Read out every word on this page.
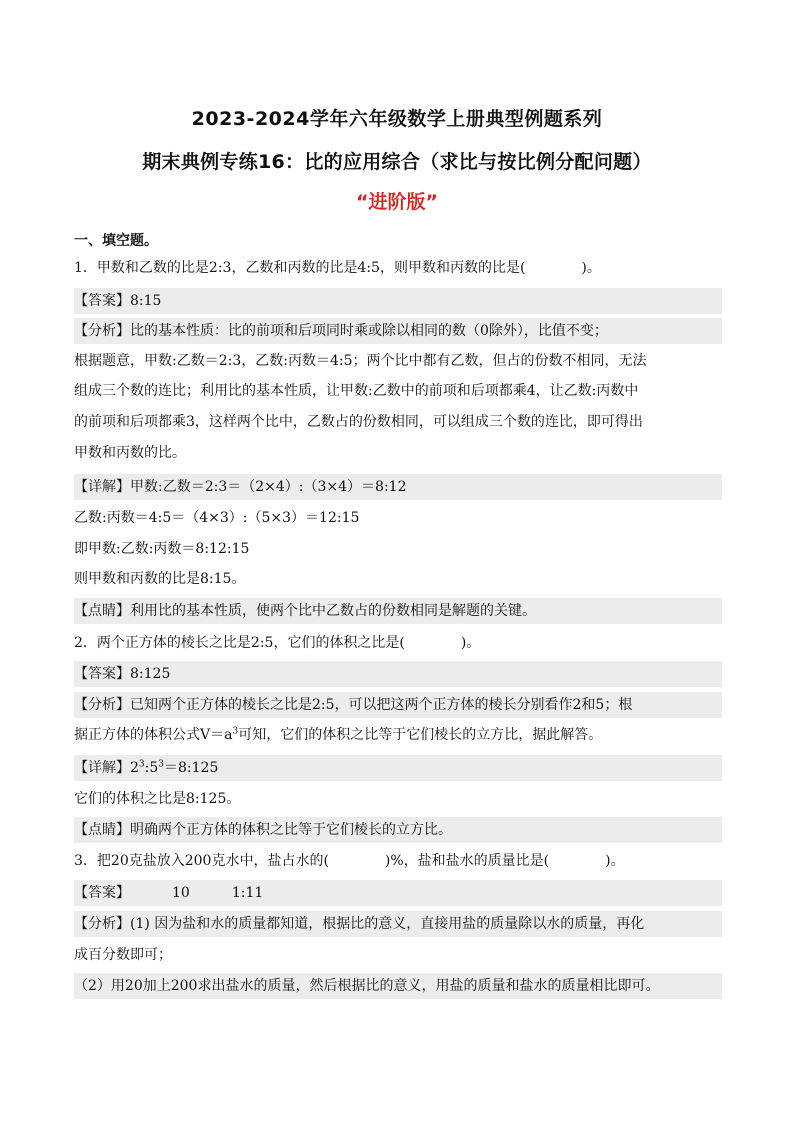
2023-2024学年六年级数学上册典型例题系列
期末典例专练16：比的应用综合（求比与按比例分配问题）
“进阶版”
一、填空题。
1．甲数和乙数的比是2:3，乙数和丙数的比是4:5，则甲数和丙数的比是(　　　　)。
【答案】8:15
【分析】比的基本性质：比的前项和后项同时乘或除以相同的数（0除外），比值不变；
根据题意，甲数:乙数＝2:3，乙数:丙数＝4:5；两个比中都有乙数，但占的份数不相同，无法
组成三个数的连比；利用比的基本性质，让甲数:乙数中的前项和后项都乘4，让乙数:丙数中
的前项和后项都乘3，这样两个比中，乙数占的份数相同，可以组成三个数的连比，即可得出
甲数和丙数的比。
【详解】甲数:乙数＝2:3＝（2×4）:（3×4）＝8:12
乙数:丙数＝4:5＝（4×3）:（5×3）＝12:15
即甲数:乙数:丙数＝8:12:15
则甲数和丙数的比是8:15。
【点睛】利用比的基本性质，使两个比中乙数占的份数相同是解题的关键。
2．两个正方体的棱长之比是2:5，它们的体积之比是(　　　　)。
【答案】8:125
【分析】已知两个正方体的棱长之比是2:5，可以把这两个正方体的棱长分别看作2和5；根
据正方体的体积公式$V=a^3$可知，它们的体积之比等于它们棱长的立方比，据此解答。
【详解】$2^3:5^3=8:125$
它们的体积之比是8:125。
【点睛】明确两个正方体的体积之比等于它们棱长的立方比。
3．把20克盐放入200克水中，盐占水的(　　　　)%，盐和盐水的质量比是(　　　　)。
【答案】	10	1:11
【分析】(1) 因为盐和水的质量都知道，根据比的意义，直接用盐的质量除以水的质量，再化
成百分数即可；
（2）用20加上200求出盐水的质量，然后根据比的意义，用盐的质量和盐水的质量相比即可。
